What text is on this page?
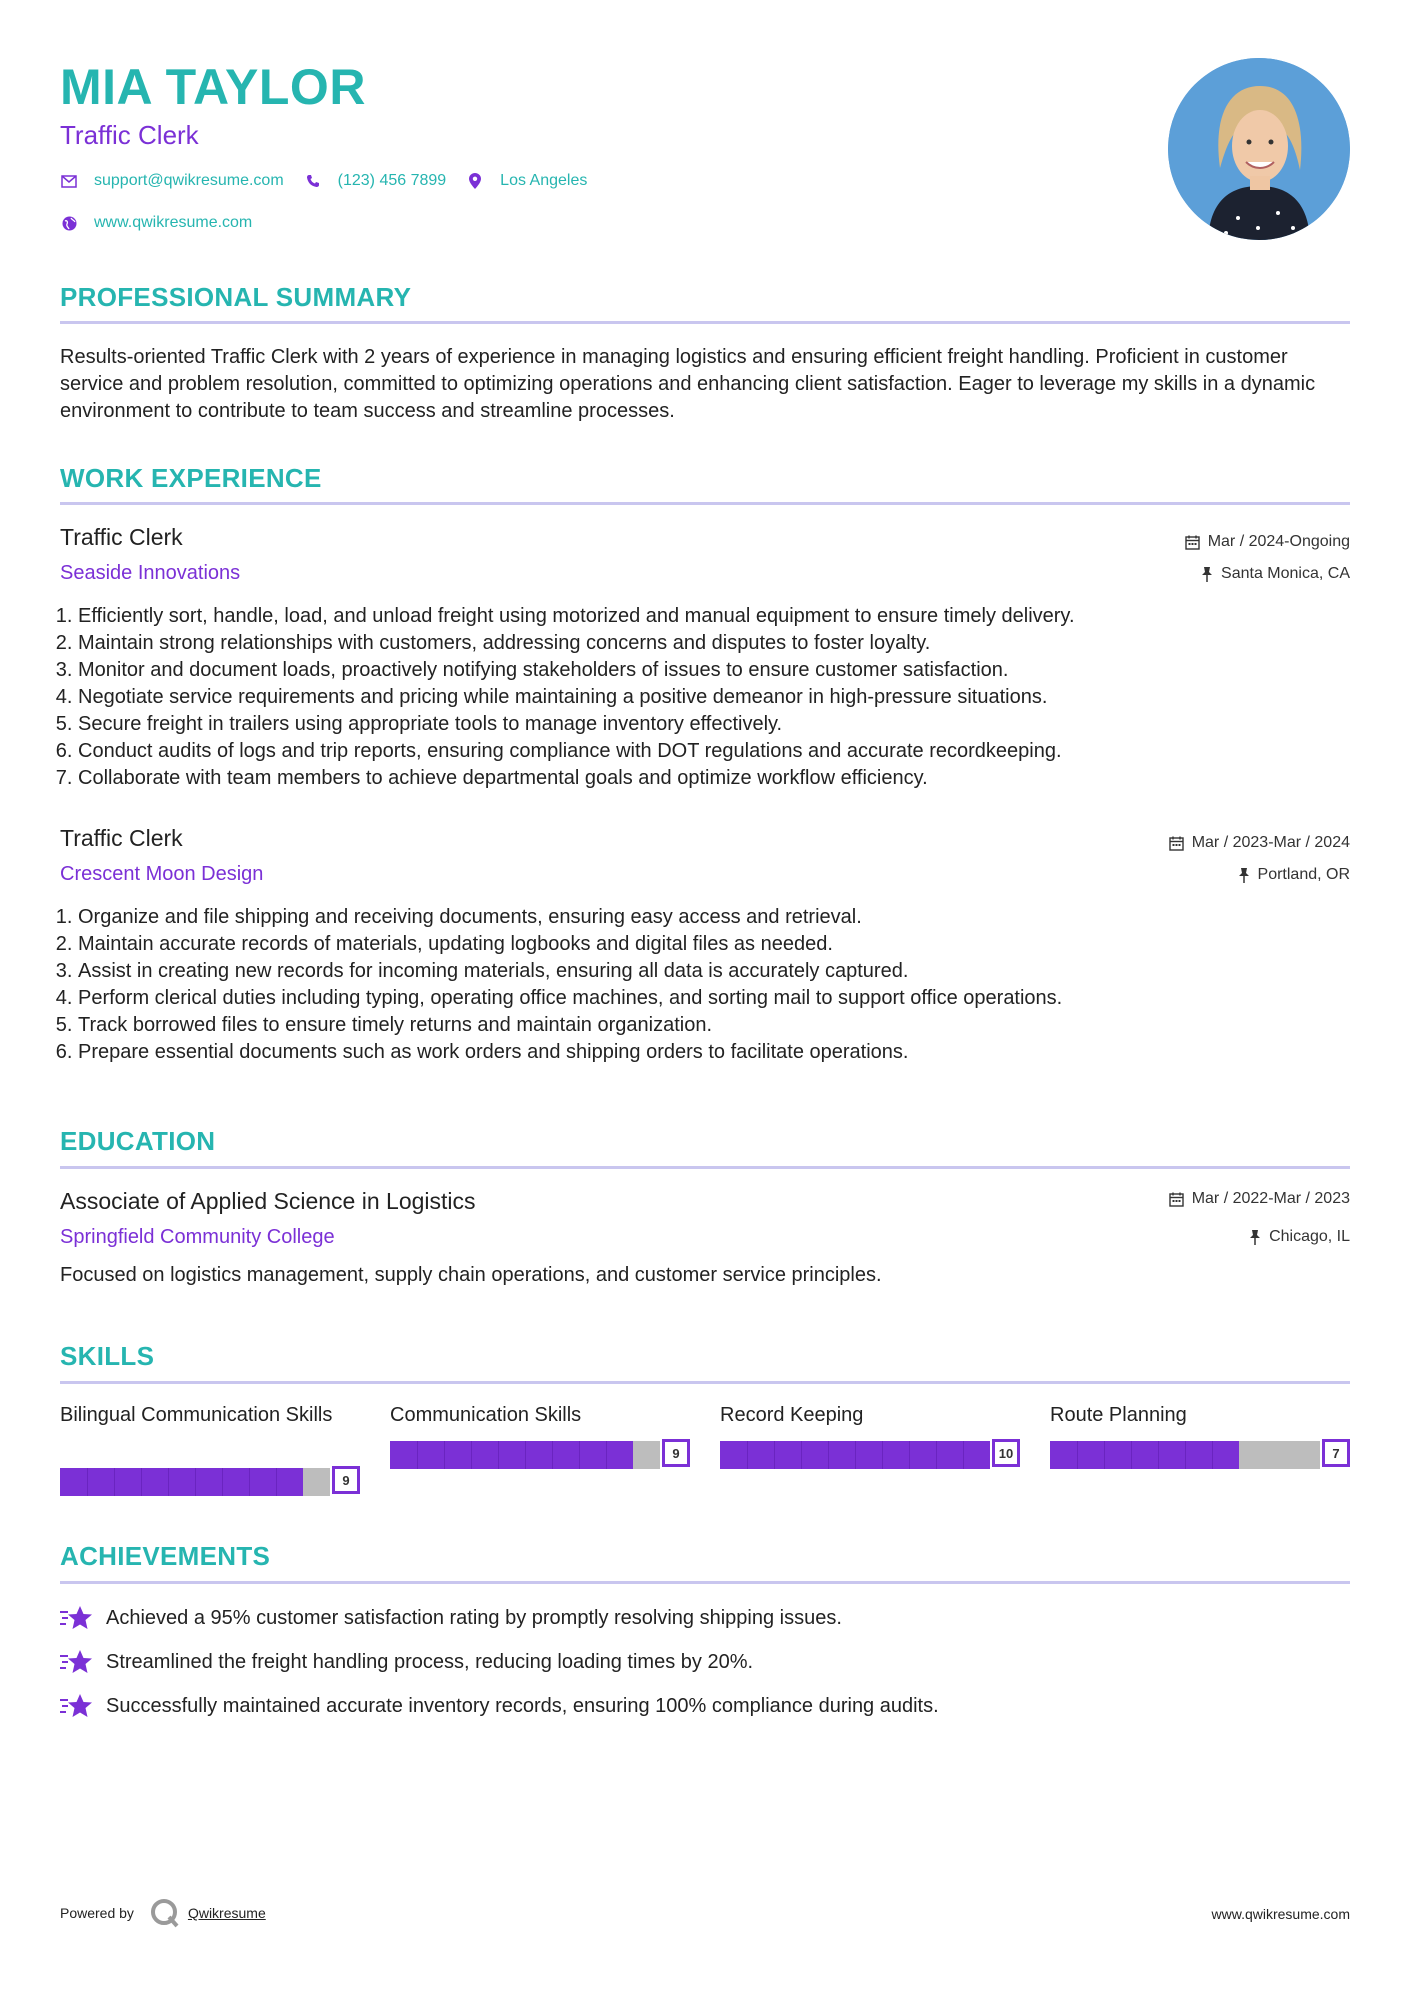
MIA TAYLOR
Traffic Clerk
support@qwikresume.com	(123) 456 7899	Los Angeles
www.qwikresume.com
PROFESSIONAL SUMMARY
Results-oriented Traffic Clerk with 2 years of experience in managing logistics and ensuring efficient freight handling. Proficient in customer service and problem resolution, committed to optimizing operations and enhancing client satisfaction. Eager to leverage my skills in a dynamic environment to contribute to team success and streamline processes.
WORK EXPERIENCE
Traffic Clerk
Seaside Innovations
Mar / 2024-Ongoing
Santa Monica, CA
1. Efficiently sort, handle, load, and unload freight using motorized and manual equipment to ensure timely delivery.
2. Maintain strong relationships with customers, addressing concerns and disputes to foster loyalty.
3. Monitor and document loads, proactively notifying stakeholders of issues to ensure customer satisfaction.
4. Negotiate service requirements and pricing while maintaining a positive demeanor in high-pressure situations.
5. Secure freight in trailers using appropriate tools to manage inventory effectively.
6. Conduct audits of logs and trip reports, ensuring compliance with DOT regulations and accurate recordkeeping.
7. Collaborate with team members to achieve departmental goals and optimize workflow efficiency.
Traffic Clerk
Crescent Moon Design
Mar / 2023-Mar / 2024
Portland, OR
1. Organize and file shipping and receiving documents, ensuring easy access and retrieval.
2. Maintain accurate records of materials, updating logbooks and digital files as needed.
3. Assist in creating new records for incoming materials, ensuring all data is accurately captured.
4. Perform clerical duties including typing, operating office machines, and sorting mail to support office operations.
5. Track borrowed files to ensure timely returns and maintain organization.
6. Prepare essential documents such as work orders and shipping orders to facilitate operations.
EDUCATION
Associate of Applied Science in Logistics
Springfield Community College
Mar / 2022-Mar / 2023
Chicago, IL
Focused on logistics management, supply chain operations, and customer service principles.
SKILLS
Bilingual Communication Skills
9
Communication Skills
9
Record Keeping
10
Route Planning
7
ACHIEVEMENTS
Achieved a 95% customer satisfaction rating by promptly resolving shipping issues.
Streamlined the freight handling process, reducing loading times by 20%.
Successfully maintained accurate inventory records, ensuring 100% compliance during audits.
Powered by	Qwikresume	www.qwikresume.com
